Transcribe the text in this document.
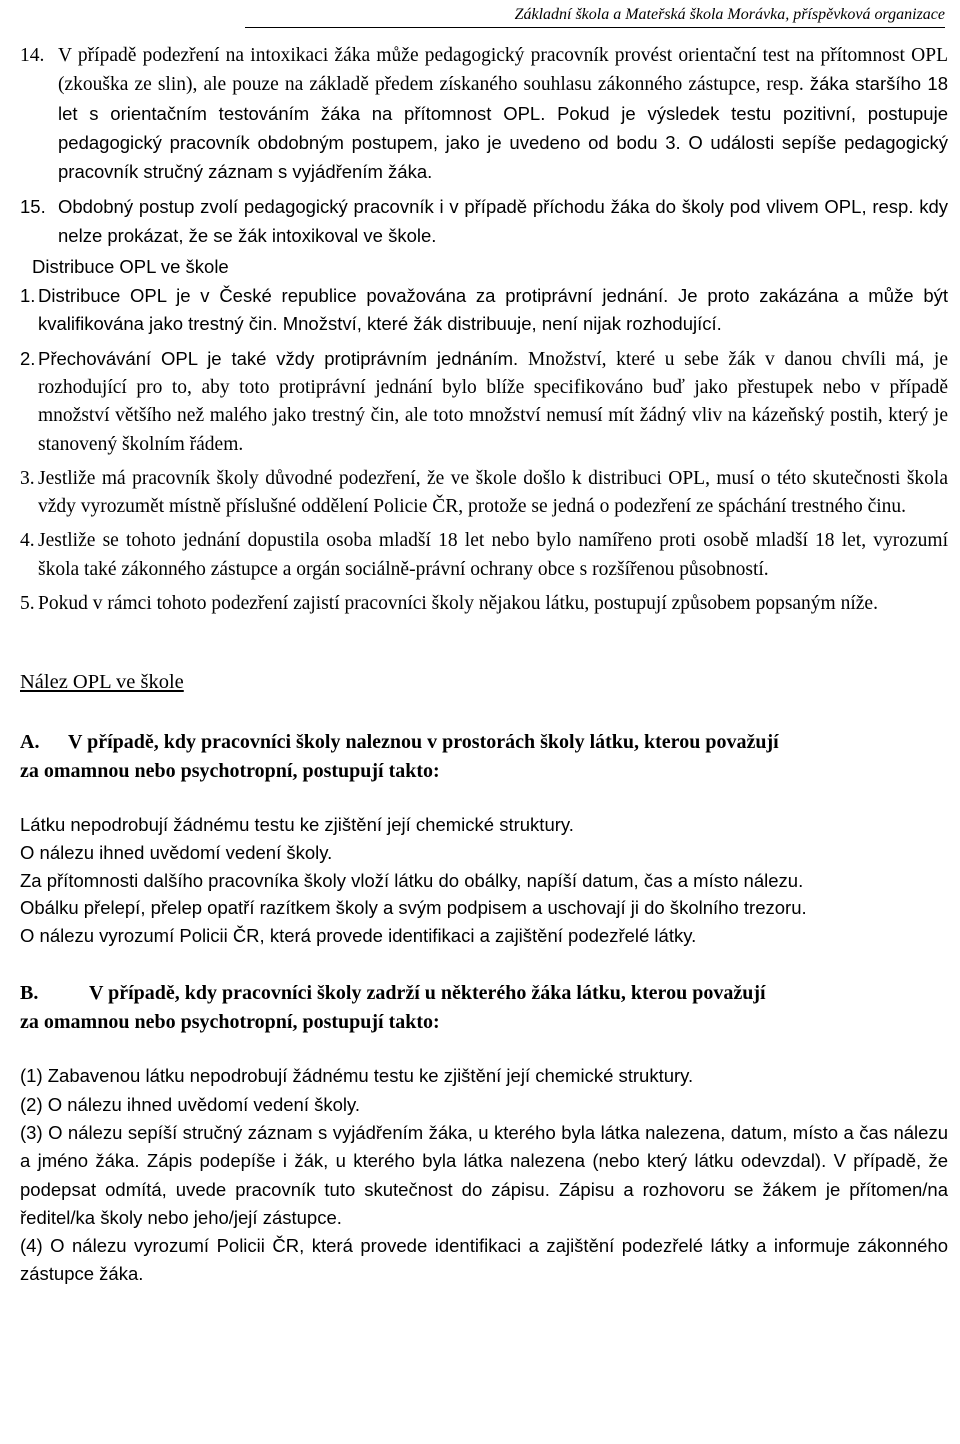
Základní škola a Mateřská škola Morávka, příspěvková organizace
14. V případě podezření na intoxikaci žáka může pedagogický pracovník provést orientační test na přítomnost OPL (zkouška ze slin), ale pouze na základě předem získaného souhlasu zákonného zástupce, resp. žáka staršího 18 let s orientačním testováním žáka na přítomnost OPL. Pokud je výsledek testu pozitivní, postupuje pedagogický pracovník obdobným postupem, jako je uvedeno od bodu 3. O události sepíše pedagogický pracovník stručný záznam s vyjádřením žáka.
15. Obdobný postup zvolí pedagogický pracovník i v případě příchodu žáka do školy pod vlivem OPL, resp. kdy nelze prokázat, že se žák intoxikoval ve škole.
Distribuce OPL ve škole
1. Distribuce OPL je v České republice považována za protiprávní jednání. Je proto zakázána a může být kvalifikována jako trestný čin. Množství, které žák distribuuje, není nijak rozhodující.
2. Přechovávání OPL je také vždy protiprávním jednáním. Množství, které u sebe žák v danou chvíli má, je rozhodující pro to, aby toto protiprávní jednání bylo blíže specifikováno buď jako přestupek nebo v případě množství většího než malého jako trestný čin, ale toto množství nemusí mít žádný vliv na kázeňský postih, který je stanovený školním řádem.
3. Jestliže má pracovník školy důvodné podezření, že ve škole došlo k distribuci OPL, musí o této skutečnosti škola vždy vyrozumět místně příslušné oddělení Policie ČR, protože se jedná o podezření ze spáchání trestného činu.
4. Jestliže se tohoto jednání dopustila osoba mladší 18 let nebo bylo namířeno proti osobě mladší 18 let, vyrozumí škola také zákonného zástupce a orgán sociálně-právní ochrany obce s rozšířenou působností.
5. Pokud v rámci tohoto podezření zajistí pracovníci školy nějakou látku, postupují způsobem popsaným níže.
Nález OPL ve škole
A.	V případě, kdy pracovníci školy naleznou v prostorách školy látku, kterou považují
za omamnou nebo psychotropní, postupují takto:
Látku nepodrobují žádnému testu ke zjištění její chemické struktury.
O nálezu ihned uvědomí vedení školy.
Za přítomnosti dalšího pracovníka školy vloží látku do obálky, napíší datum, čas a místo nálezu.
Obálku přelepí, přelep opatří razítkem školy a svým podpisem a uschovají ji do školního trezoru.
O nálezu vyrozumí Policii ČR, která provede identifikaci a zajištění podezřelé látky.
B.	V případě, kdy pracovníci školy zadrží u některého žáka látku, kterou považují
za omamnou nebo psychotropní, postupují takto:
(1) Zabavenou látku nepodrobují žádnému testu ke zjištění její chemické struktury.
(2) O nálezu ihned uvědomí vedení školy.
(3) O nálezu sepíší stručný záznam s vyjádřením žáka, u kterého byla látka nalezena, datum, místo a čas nálezu a jméno žáka. Zápis podepíše i žák, u kterého byla látka nalezena (nebo který látku odevzdal). V případě, že podepsat odmítá, uvede pracovník tuto skutečnost do zápisu. Zápisu a rozhovoru se žákem je přítomen/na ředitel/ka školy nebo jeho/její zástupce.
(4) O nálezu vyrozumí Policii ČR, která provede identifikaci a zajištění podezřelé látky a informuje zákonného zástupce žáka.
